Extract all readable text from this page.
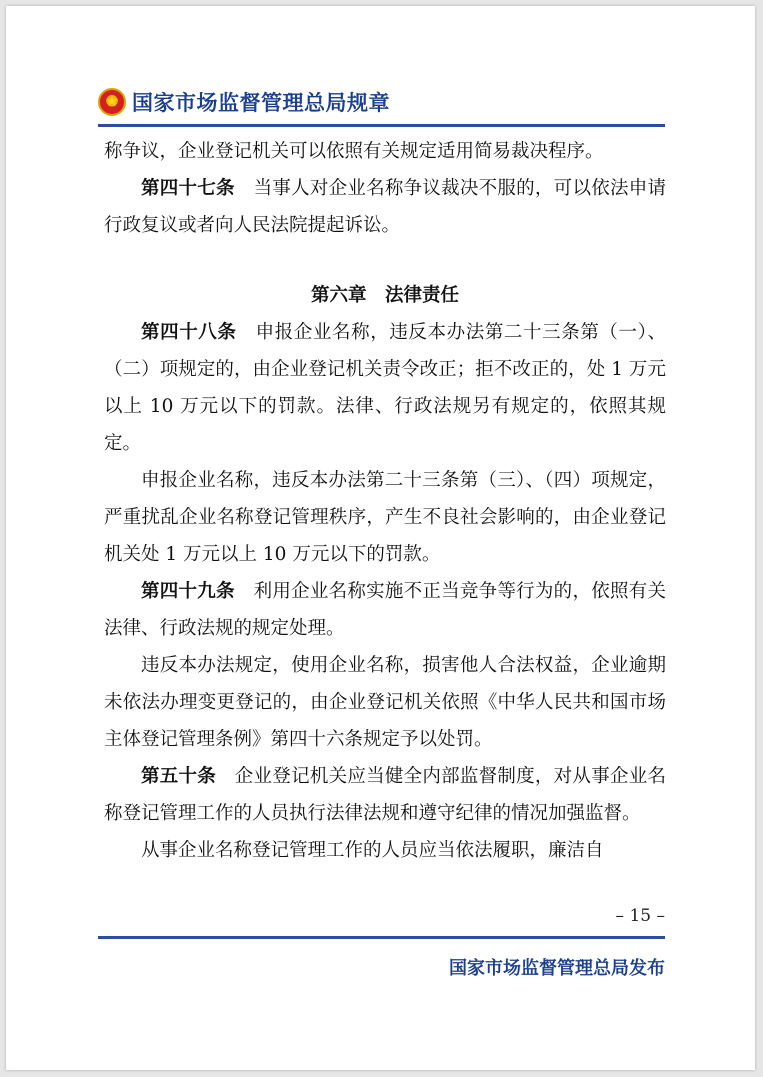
国家市场监督管理总局规章

称争议，企业登记机关可以依照有关规定适用简易裁决程序。

第四十七条　 当事人对企业名称争议裁决不服的，可以依法申请行政复议或者向人民法院提起诉讼。

第六章　法律责任

第四十八条　 申报企业名称，违反本办法第二十三条第（一）、（二）项规定的，由企业登记机关责令改正；拒不改正的，处 1 万元以上 10 万元以下的罚款。法律、行政法规另有规定的，依照其规定。

申报企业名称，违反本办法第二十三条第（三）、（四）项规定，严重扰乱企业名称登记管理秩序，产生不良社会影响的，由企业登记机关处 1 万元以上 10 万元以下的罚款。

第四十九条　 利用企业名称实施不正当竞争等行为的，依照有关法律、行政法规的规定处理。

违反本办法规定，使用企业名称，损害他人合法权益，企业逾期未依法办理变更登记的，由企业登记机关依照《中华人民共和国市场主体登记管理条例》第四十六条规定予以处罚。

第五十条　 企业登记机关应当健全内部监督制度，对从事企业名称登记管理工作的人员执行法律法规和遵守纪律的情况加强监督。

从事企业名称登记管理工作的人员应当依法履职，廉洁自

– 15 –
国家市场监督管理总局发布
